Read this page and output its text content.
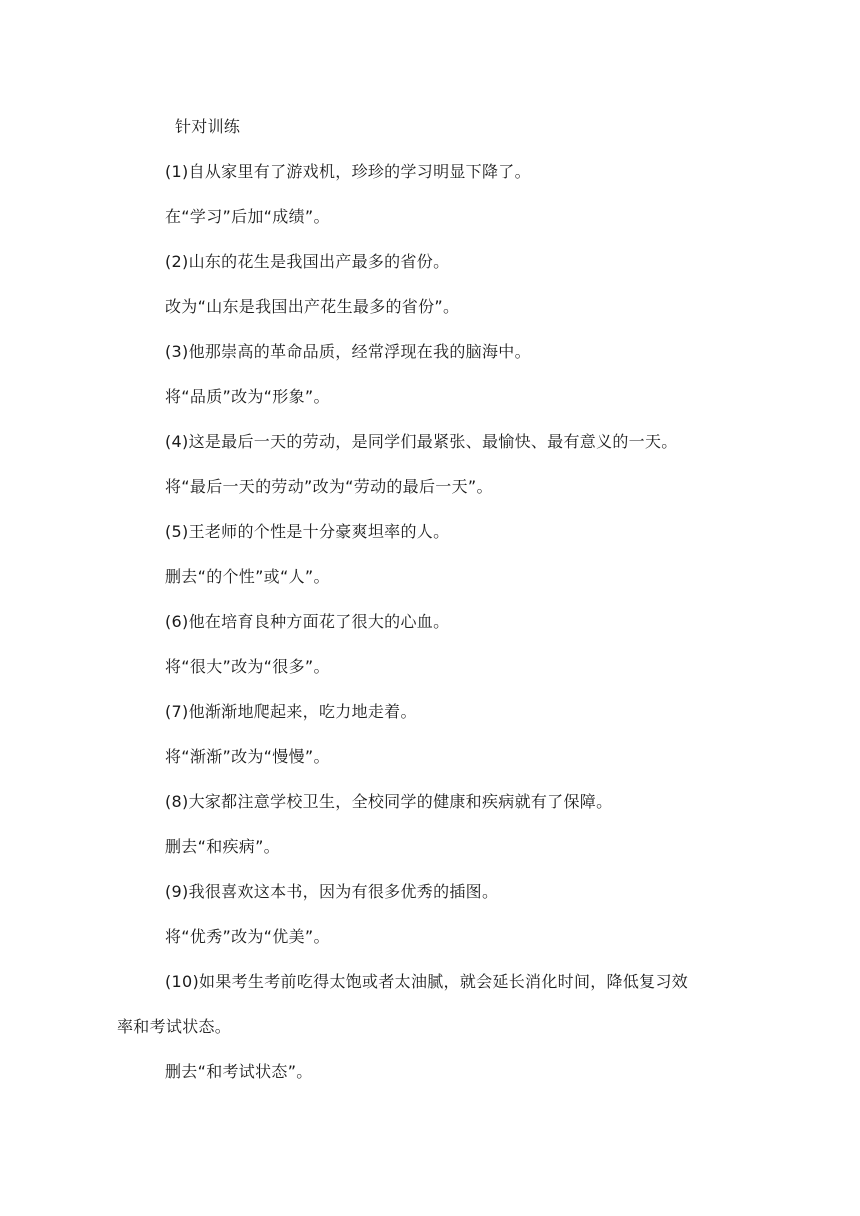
针对训练
(1)自从家里有了游戏机，珍珍的学习明显下降了。
在“学习”后加“成绩”。
(2)山东的花生是我国出产最多的省份。
改为“山东是我国出产花生最多的省份”。
(3)他那崇高的革命品质，经常浮现在我的脑海中。
将“品质”改为“形象”。
(4)这是最后一天的劳动，是同学们最紧张、最愉快、最有意义的一天。
将“最后一天的劳动”改为“劳动的最后一天”。
(5)王老师的个性是十分豪爽坦率的人。
删去“的个性”或“人”。
(6)他在培育良种方面花了很大的心血。
将“很大”改为“很多”。
(7)他渐渐地爬起来，吃力地走着。
将“渐渐”改为“慢慢”。
(8)大家都注意学校卫生，全校同学的健康和疾病就有了保障。
删去“和疾病”。
(9)我很喜欢这本书，因为有很多优秀的插图。
将“优秀”改为“优美”。
(10)如果考生考前吃得太饱或者太油腻，就会延长消化时间，降低复习效
率和考试状态。
删去“和考试状态”。
